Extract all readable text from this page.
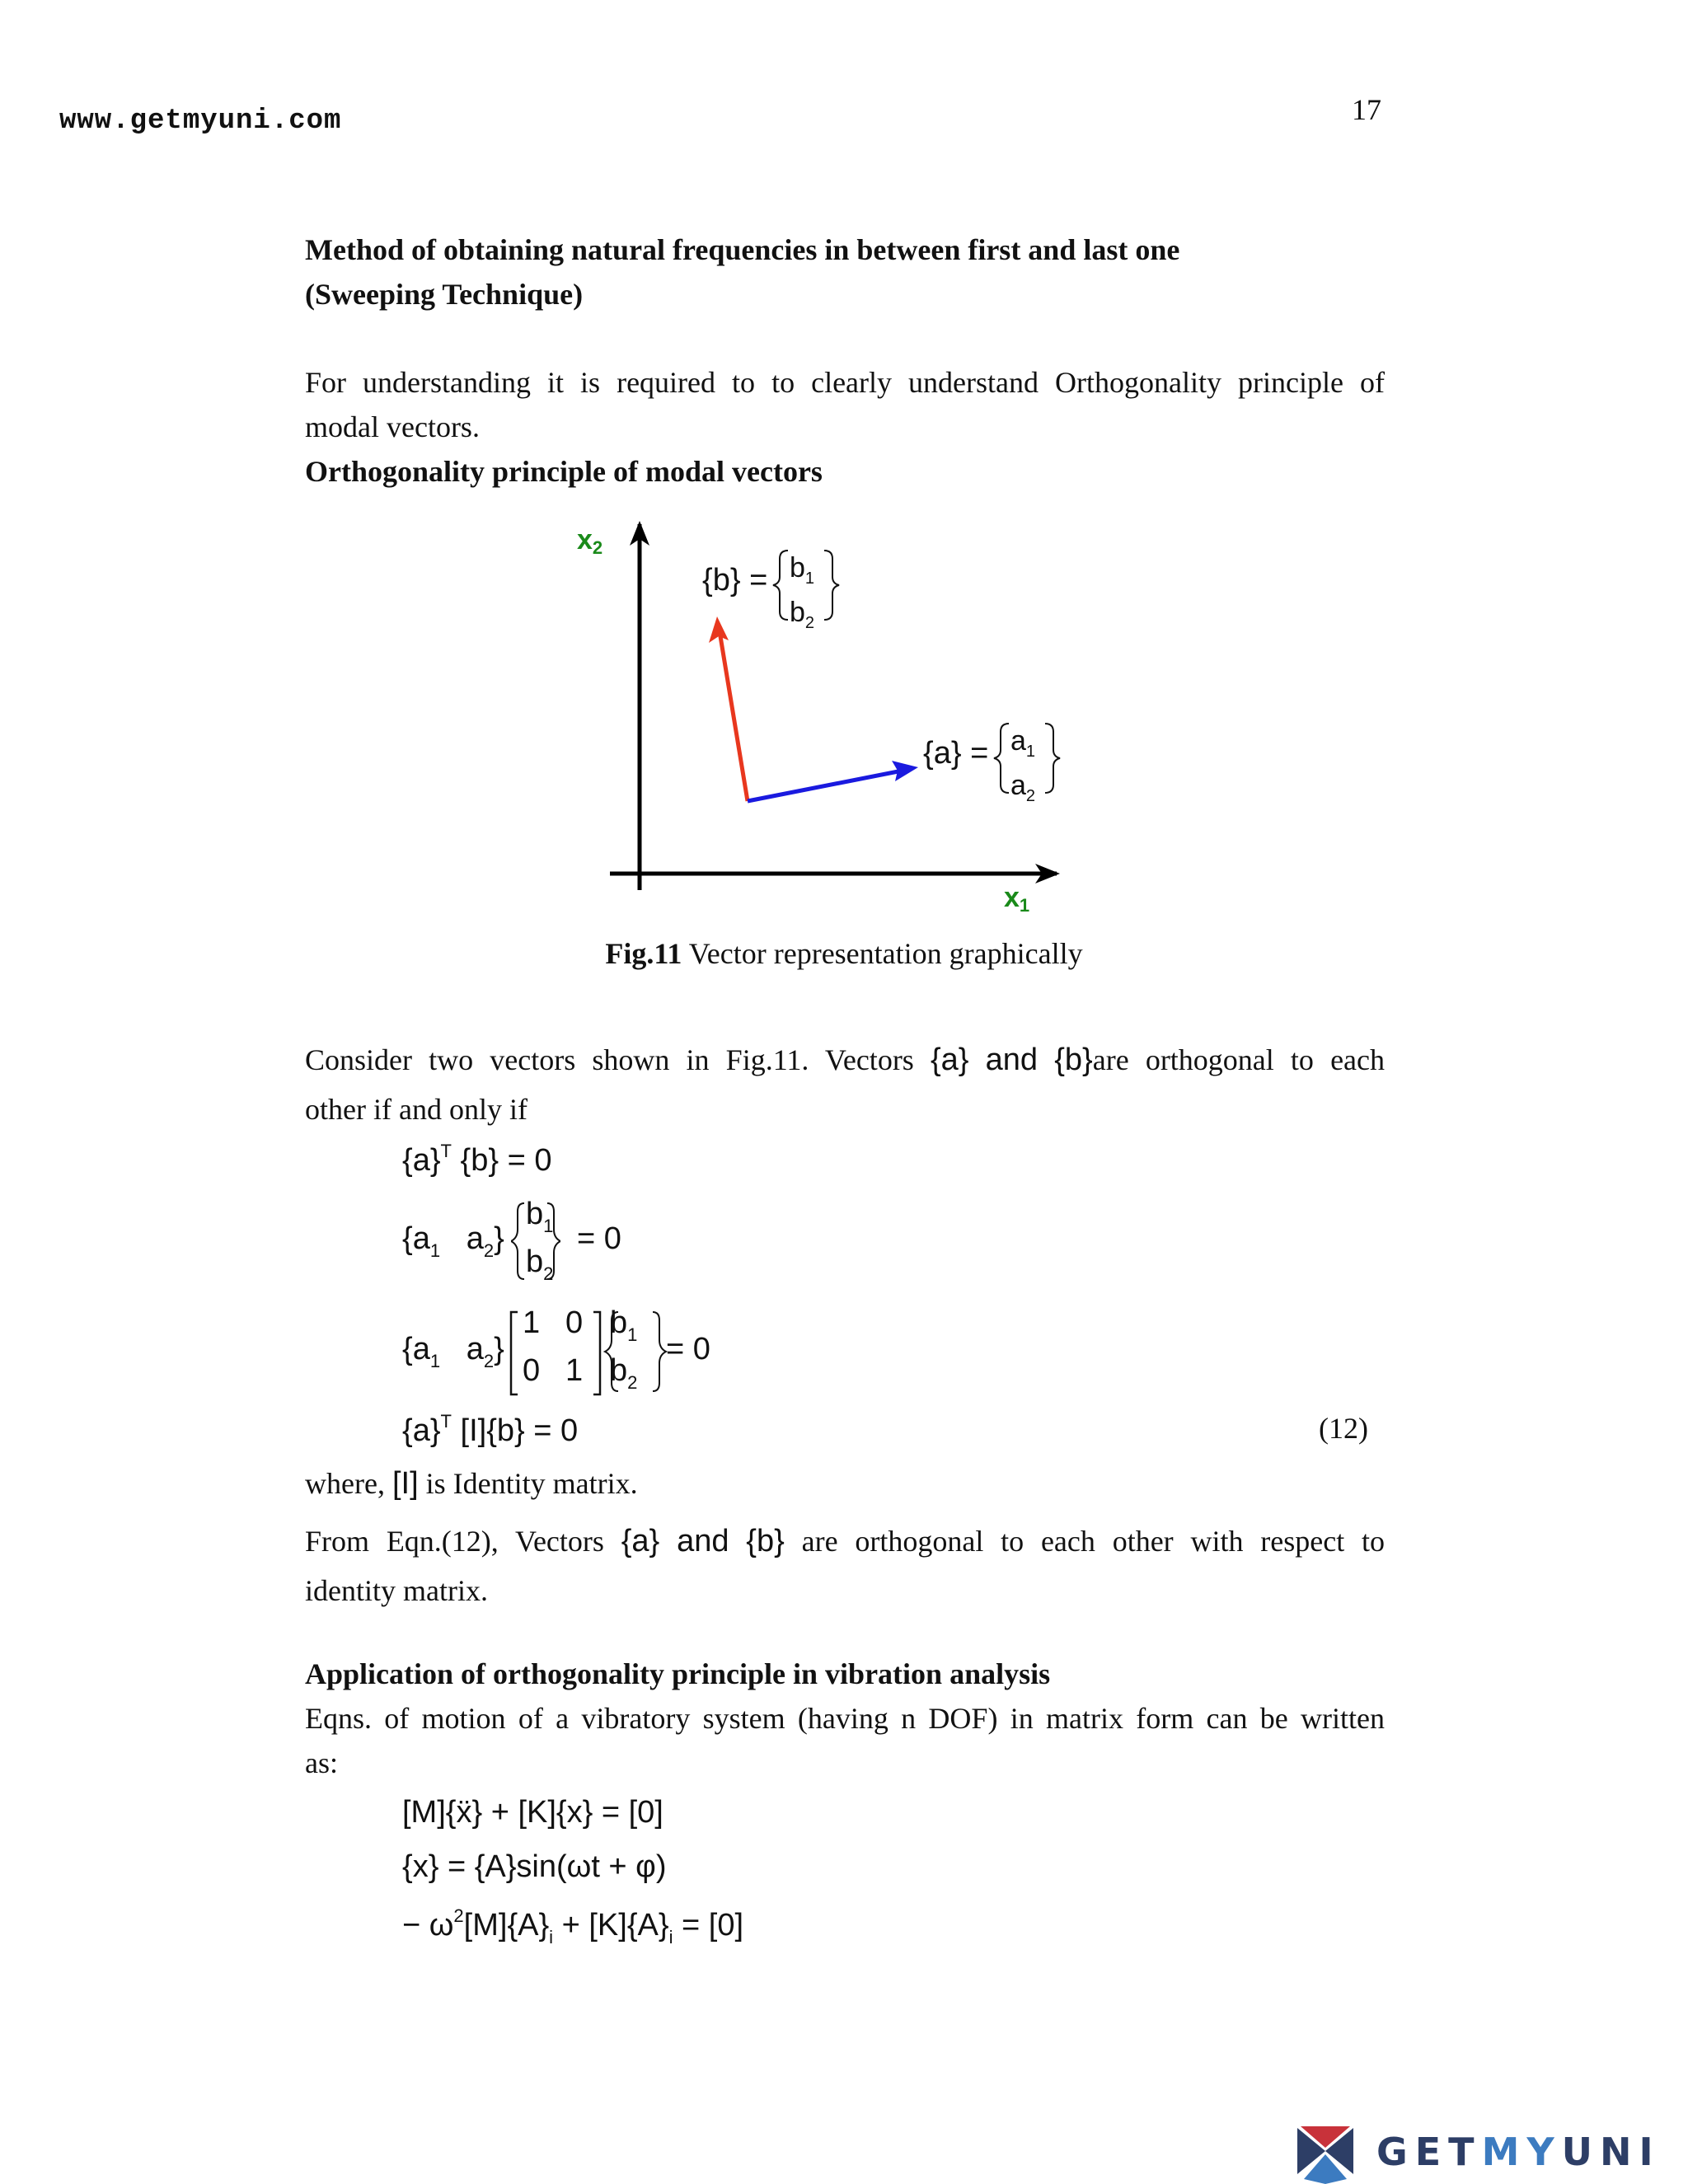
www.getmyuni.com	17
Method of obtaining natural frequencies in between first and last one
(Sweeping Technique)
For understanding it is required to to clearly understand Orthogonality principle of
modal vectors.
Orthogonality principle of modal vectors
x2
x1
$\{b\} = b_1$
$b_2$
$\{a\} = a_1$
$a_2$
Fig.11 Vector representation graphically
Consider two vectors shown in Fig.11. Vectors {a} and {b}are orthogonal to each
other if and only if
$\{a\}^T$ {b} = 0
{$a_1$ $a_2$}
$b_1$
$b_2$
= 0
{$a_1$ $a_2$}
1 0
0 1
$b_1$
$b_2$
= 0
$\{a\}^T$ [I]{b} = 0	(12)
where, [I] is Identity matrix.
From Eqn.(12), Vectors {a} and {b} are orthogonal to each other with respect to
identity matrix.
Application of orthogonality principle in vibration analysis
Eqns. of motion of a vibratory system (having n DOF) in matrix form can be written
as:
[M]{ẍ} + [K]{x} = [0]
{x} = {A}sin(ωt + φ)
− $\omega^2[M]\{A\}_i + [K]\{A\}_i = [0]$
GETMYUNI
